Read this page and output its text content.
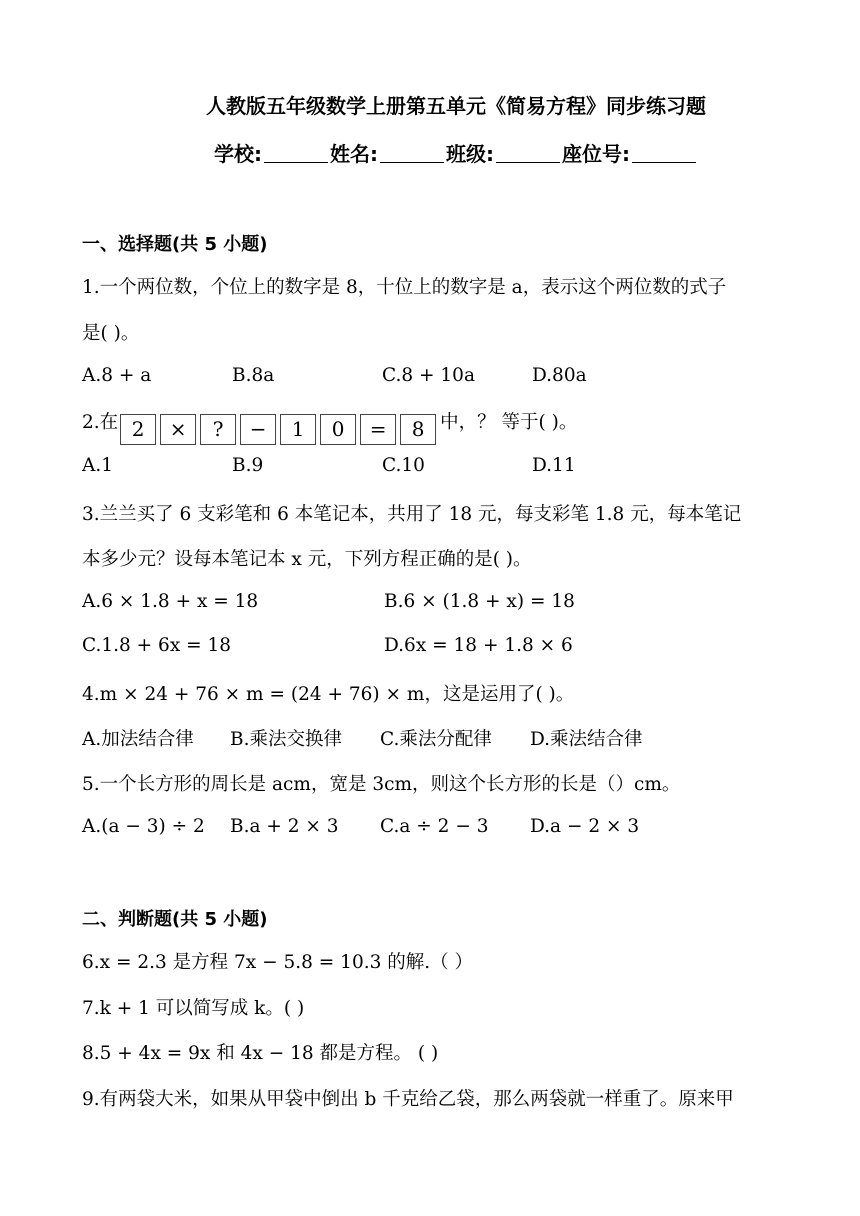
人教版五年级数学上册第五单元《简易方程》同步练习题
学校:	姓名:	班级:	座位号:
一、选择题(共 5 小题)
1.一个两位数，个位上的数字是 8，十位上的数字是 a，表示这个两位数的式子
是( )。
A.8 + a	B.8a	C.8 + 10a	D.80a
2.在 2 × ? − 1 0 = 8 中，？ 等于( )。
A.1	B.9	C.10	D.11
3.兰兰买了 6 支彩笔和 6 本笔记本，共用了 18 元，每支彩笔 1.8 元，每本笔记
本多少元？设每本笔记本 x 元，下列方程正确的是( )。
A.6 × 1.8 + x = 18	B.6 × (1.8 + x) = 18
C.1.8 + 6x = 18	D.6x = 18 + 1.8 × 6
4.m × 24 + 76 × m = (24 + 76) × m，这是运用了( )。
A.加法结合律 B.乘法交换律 C.乘法分配律 D.乘法结合律
5.一个长方形的周长是 acm，宽是 3cm，则这个长方形的长是（）cm。
A.(a − 3) ÷ 2 B.a + 2 × 3 C.a ÷ 2 − 3 D.a − 2 × 3
二、判断题(共 5 小题)
6.x = 2.3 是方程 7x − 5.8 = 10.3 的解.（ ）
7.k + 1 可以简写成 k。( )
8.5 + 4x = 9x 和 4x − 18 都是方程。 ( )
9.有两袋大米，如果从甲袋中倒出 b 千克给乙袋，那么两袋就一样重了。原来甲
